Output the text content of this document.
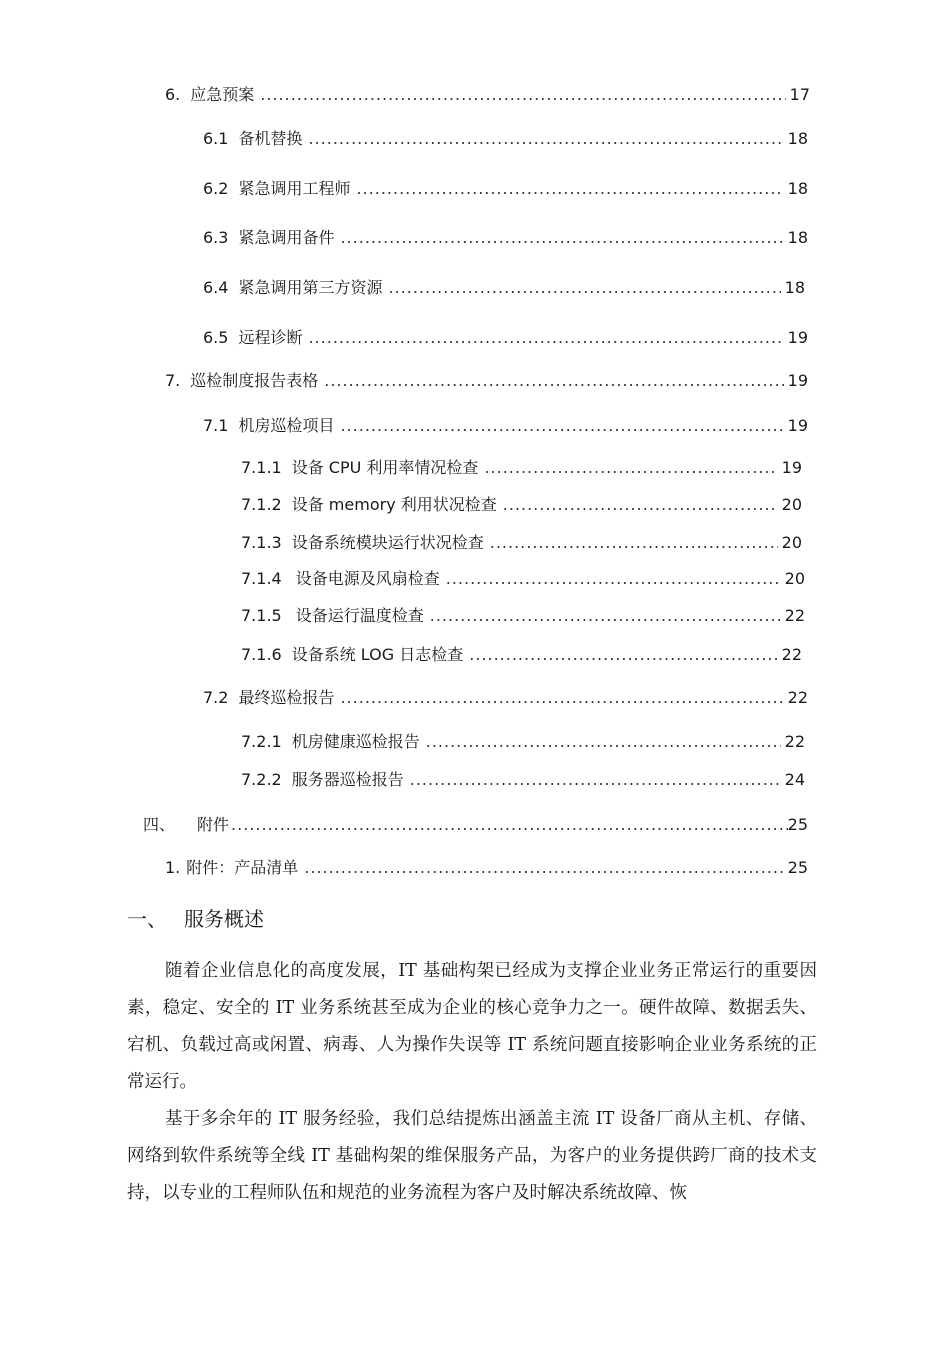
6. 应急预案 .....	17
6.1 备机替换 .....	18
6.2 紧急调用工程师 .....	18
6.3 紧急调用备件 .....	18
6.4 紧急调用第三方资源 .....	18
6.5 远程诊断 .....	19
7. 巡检制度报告表格 .....	19
7.1 机房巡检项目 .....	19
7.1.1 设备 CPU 利用率情况检查 .....	19
7.1.2 设备 memory 利用状况检查 .....	20
7.1.3 设备系统模块运行状况检查 .....	20
7.1.4 设备电源及风扇检查 .....	20
7.1.5 设备运行温度检查 .....	22
7.1.6 设备系统 LOG 日志检查 .....	22
7.2 最终巡检报告 .....	22
7.2.1 机房健康巡检报告 .....	22
7.2.2 服务器巡检报告 .....	24
四、 附件 .....	25
1. 附件：产品清单 .....	25
一、 服务概述

随着企业信息化的高度发展，IT 基础构架已经成为支撑企业业务正常运行的重要因素，稳定、安全的 IT 业务系统甚至成为企业的核心竞争力之一。硬件故障、数据丢失、宕机、负载过高或闲置、病毒、人为操作失误等 IT 系统问题直接影响企业业务系统的正常运行。

基于多余年的 IT 服务经验，我们总结提炼出涵盖主流 IT 设备厂商从主机、存储、网络到软件系统等全线 IT 基础构架的维保服务产品，为客户的业务提供跨厂商的技术支持，以专业的工程师队伍和规范的业务流程为客户及时解决系统故障、恢
